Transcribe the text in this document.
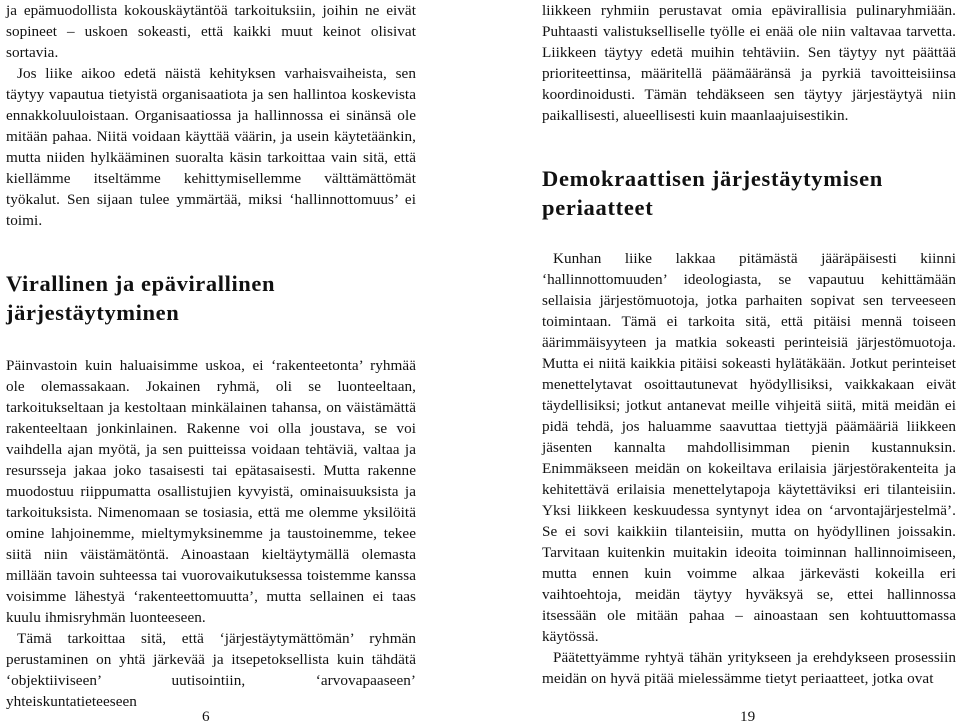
ja epämuodollista kokouskäytäntöä tarkoituksiin, joihin ne eivät sopineet – uskoen sokeasti, että kaikki muut keinot olisivat sortavia.

Jos liike aikoo edetä näistä kehityksen varhaisvaiheista, sen täytyy vapautua tietyistä organisaatiota ja sen hallintoa koskevista ennakkoluuloistaan. Organisaatiossa ja hallinnossa ei sinänsä ole mitään pahaa. Niitä voidaan käyttää väärin, ja usein käytetäänkin, mutta niiden hylkääminen suoralta käsin tarkoittaa vain sitä, että kiellämme itseltämme kehittymisellemme välttämättömät työkalut. Sen sijaan tulee ymmärtää, miksi ‘hallinnottomuus’ ei toimi.

Virallinen ja epävirallinen järjestäytyminen

Päinvastoin kuin haluaisimme uskoa, ei ‘rakenteetonta’ ryhmää ole olemassakaan. Jokainen ryhmä, oli se luonteeltaan, tarkoitukseltaan ja kestoltaan minkälainen tahansa, on väistämättä rakenteeltaan jonkinlainen. Rakenne voi olla joustava, se voi vaihdella ajan myötä, ja sen puitteissa voidaan tehtäviä, valtaa ja resursseja jakaa joko tasaisesti tai epätasaisesti. Mutta rakenne muodostuu riippumatta osallistujien kyvyistä, ominaisuuksista ja tarkoituksista. Nimenomaan se tosiasia, että me olemme yksilöitä omine lahjoinemme, mieltymyksinemme ja taustoinemme, tekee siitä niin väistämätöntä. Ainoastaan kieltäytymällä olemasta millään tavoin suhteessa tai vuorovaikutuksessa toistemme kanssa voisimme lähestyä ‘rakenteettomuutta’, mutta sellainen ei taas kuulu ihmisryhmän luonteeseen.

Tämä tarkoittaa sitä, että ‘järjestäytymättömän’ ryhmän perustaminen on yhtä järkevää ja itsepetoksellista kuin tähdätä ‘objektiiviseen’ uutisointiin, ‘arvovapaaseen’ yhteiskuntatieteeseen

6

liikkeen ryhmiin perustavat omia epävirallisia pulinaryhmiään. Puhtaasti valistukselliselle työlle ei enää ole niin valtavaa tarvetta. Liikkeen täytyy edetä muihin tehtäviin. Sen täytyy nyt päättää prioriteettinsa, määritellä päämääränsä ja pyrkiä tavoitteisiinsa koordinoidusti. Tämän tehdäkseen sen täytyy järjestäytyä niin paikallisesti, alueellisesti kuin maanlaajuisestikin.

Demokraattisen järjestäytymisen periaatteet

Kunhan liike lakkaa pitämästä jääräpäisesti kiinni ‘hallinnottomuuden’ ideologiasta, se vapautuu kehittämään sellaisia järjestömuotoja, jotka parhaiten sopivat sen terveeseen toimintaan. Tämä ei tarkoita sitä, että pitäisi mennä toiseen äärimmäisyyteen ja matkia sokeasti perinteisiä järjestömuotoja. Mutta ei niitä kaikkia pitäisi sokeasti hylätäkään. Jotkut perinteiset menettelytavat osoittautunevat hyödyllisiksi, vaikkakaan eivät täydellisiksi; jotkut antanevat meille vihjeitä siitä, mitä meidän ei pidä tehdä, jos haluamme saavuttaa tiettyjä päämääriä liikkeen jäsenten kannalta mahdollisimman pienin kustannuksin. Enimmäkseen meidän on kokeiltava erilaisia järjestörakenteita ja kehitettävä erilaisia menettelytapoja käytettäviksi eri tilanteisiin. Yksi liikkeen keskuudessa syntynyt idea on ‘arvontajärjestelmä’. Se ei sovi kaikkiin tilanteisiin, mutta on hyödyllinen joissakin. Tarvitaan kuitenkin muitakin ideoita toiminnan hallinnoimiseen, mutta ennen kuin voimme alkaa järkevästi kokeilla eri vaihtoehtoja, meidän täytyy hyväksyä se, ettei hallinnossa itsessään ole mitään pahaa – ainoastaan sen kohtuuttomassa käytössä.

Päätettyämme ryhtyä tähän yritykseen ja erehdykseen prosessiin meidän on hyvä pitää mielessämme tietyt periaatteet, jotka ovat

19
